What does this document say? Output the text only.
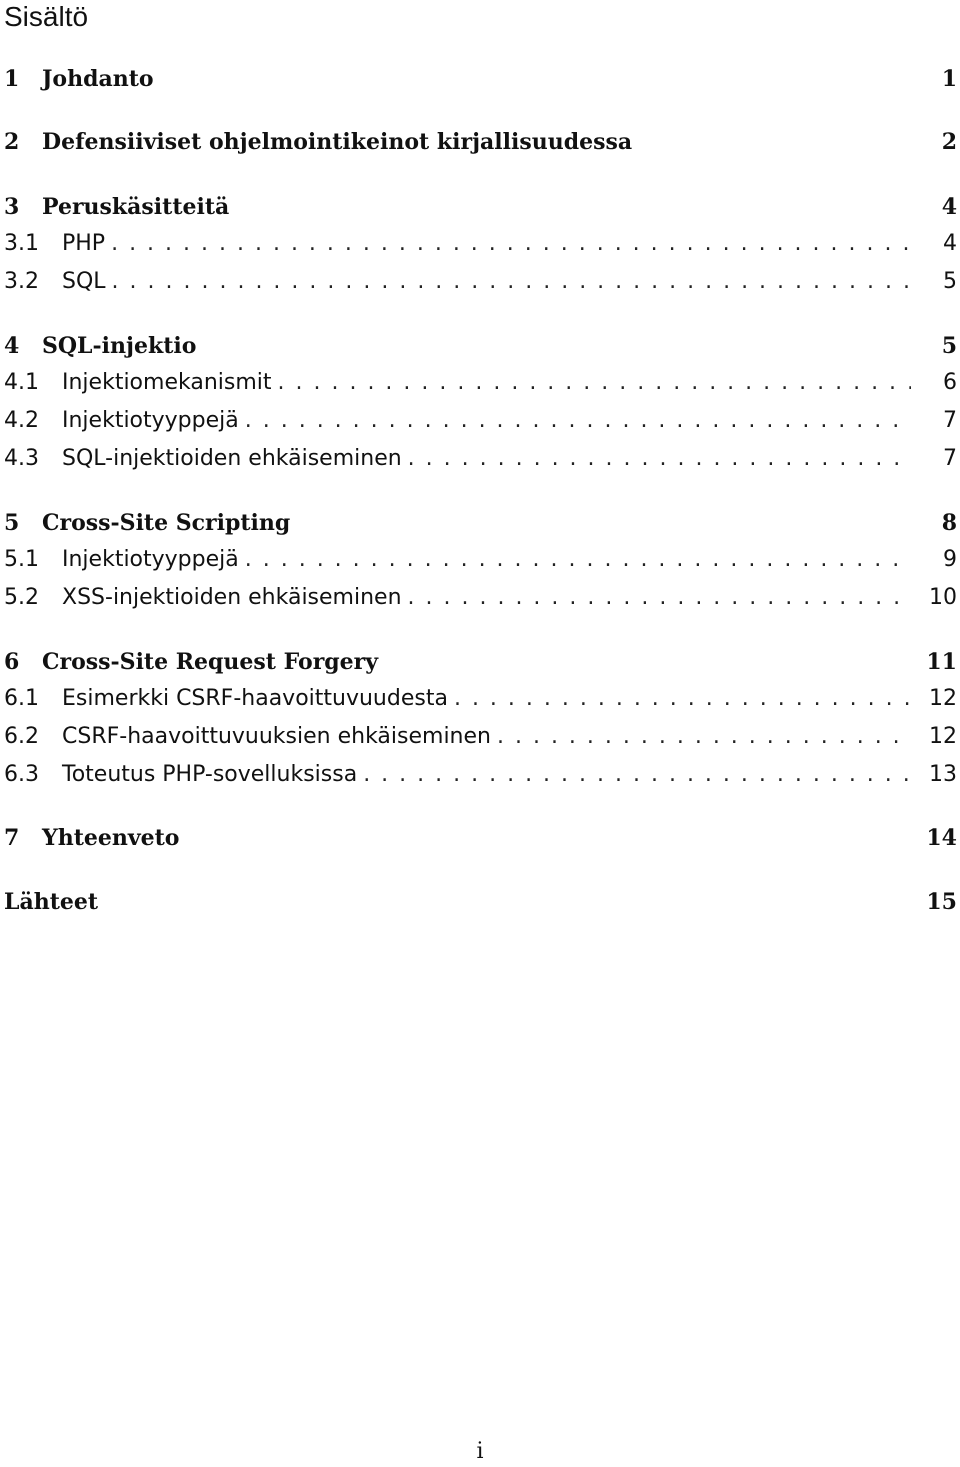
Sisältö
1	Johdanto	1
2	Defensiiviset ohjelmointikeinot kirjallisuudessa	2
3	Peruskäsitteitä	4
3.1	PHP . . .	4
3.2	SQL . . .	5
4	SQL-injektio	5
4.1	Injektiomekanismit . . .	6
4.2	Injektiotyyppejä . . .	7
4.3	SQL-injektioiden ehkäiseminen . . .	7
5	Cross-Site Scripting	8
5.1	Injektiotyyppejä . . .	9
5.2	XSS-injektioiden ehkäiseminen . . .	10
6	Cross-Site Request Forgery	11
6.1	Esimerkki CSRF-haavoittuvuudesta . . .	12
6.2	CSRF-haavoittuvuuksien ehkäiseminen . . .	12
6.3	Toteutus PHP-sovelluksissa . . .	13
7	Yhteenveto	14
Lähteet	15
i
